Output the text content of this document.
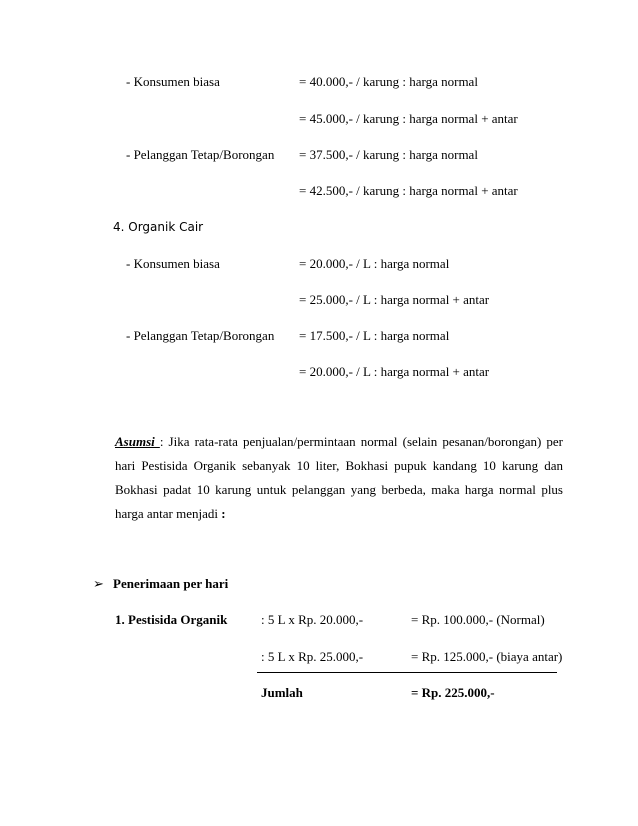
- Konsumen biasa	= 40.000,- / karung : harga normal
= 45.000,- / karung : harga normal + antar
- Pelanggan Tetap/Borongan = 37.500,- / karung : harga normal
= 42.500,- / karung : harga normal + antar
4. Organik Cair
- Konsumen biasa	= 20.000,- / L : harga normal
= 25.000,- / L : harga normal + antar
- Pelanggan Tetap/Borongan = 17.500,- / L : harga normal
= 20.000,- / L : harga normal + antar
Asumsi : Jika rata-rata penjualan/permintaan normal (selain pesanan/borongan) per hari Pestisida Organik sebanyak 10 liter, Bokhasi pupuk kandang 10 karung dan Bokhasi padat 10 karung untuk pelanggan yang berbeda, maka harga normal plus harga antar menjadi :
➢ Penerimaan per hari
1. Pestisida Organik	: 5 L x Rp. 20.000,-	= Rp. 100.000,- (Normal)
: 5 L x Rp. 25.000,-	= Rp. 125.000,- (biaya antar)
Jumlah	= Rp. 225.000,-
